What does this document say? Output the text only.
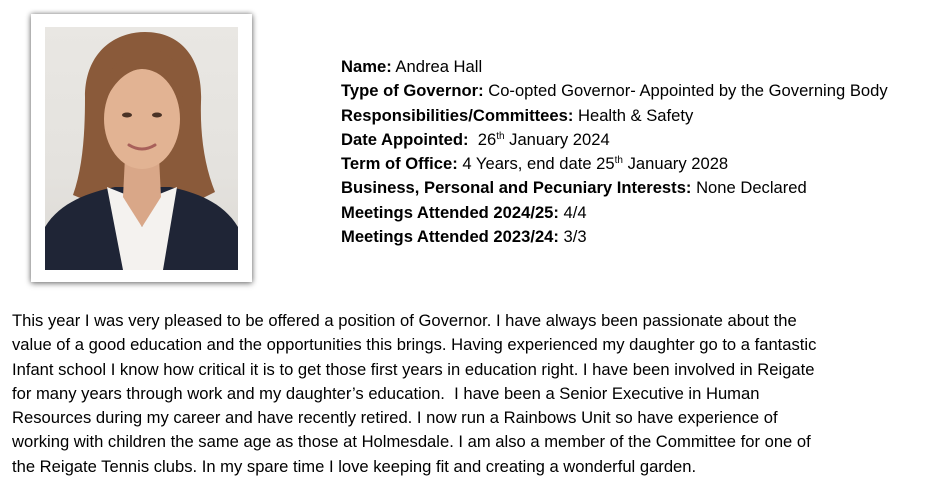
Name: Andrea Hall
Type of Governor: Co-opted Governor- Appointed by the Governing Body
Responsibilities/Committees: Health & Safety
Date Appointed:  26th January 2024
Term of Office: 4 Years, end date 25th January 2028
Business, Personal and Pecuniary Interests: None Declared
Meetings Attended 2024/25: 4/4
Meetings Attended 2023/24: 3/3
This year I was very pleased to be offered a position of Governor. I have always been passionate about the
value of a good education and the opportunities this brings. Having experienced my daughter go to a fantastic
Infant school I know how critical it is to get those first years in education right. I have been involved in Reigate
for many years through work and my daughter’s education.  I have been a Senior Executive in Human
Resources during my career and have recently retired. I now run a Rainbows Unit so have experience of
working with children the same age as those at Holmesdale. I am also a member of the Committee for one of
the Reigate Tennis clubs. In my spare time I love keeping fit and creating a wonderful garden.
